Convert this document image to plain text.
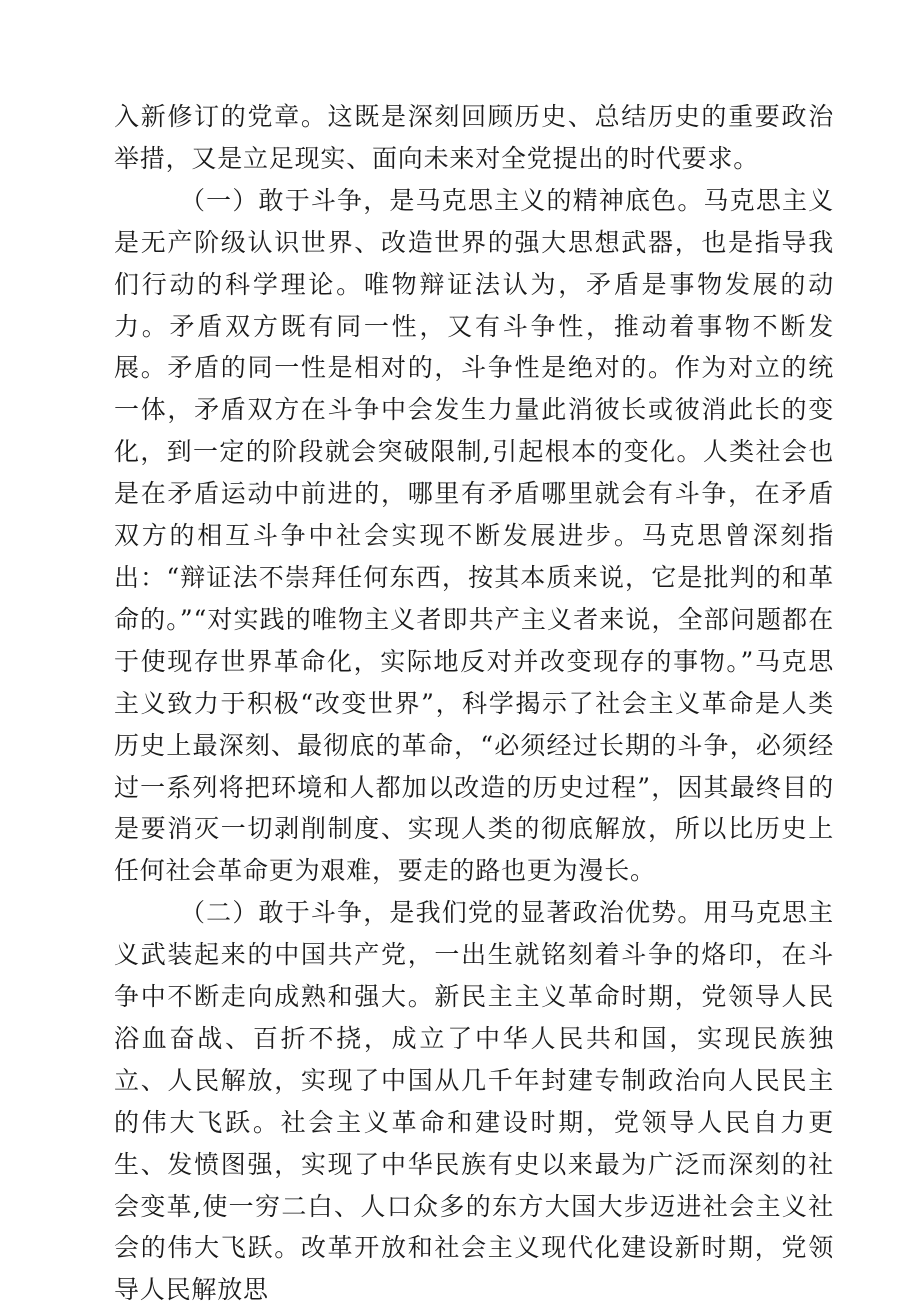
入新修订的党章。这既是深刻回顾历史、总结历史的重要政治举措，又是立足现实、面向未来对全党提出的时代要求。

（一）敢于斗争，是马克思主义的精神底色。马克思主义是无产阶级认识世界、改造世界的强大思想武器，也是指导我们行动的科学理论。唯物辩证法认为，矛盾是事物发展的动力。矛盾双方既有同一性，又有斗争性，推动着事物不断发展。矛盾的同一性是相对的，斗争性是绝对的。作为对立的统一体，矛盾双方在斗争中会发生力量此消彼长或彼消此长的变化，到一定的阶段就会突破限制,引起根本的变化。人类社会也是在矛盾运动中前进的，哪里有矛盾哪里就会有斗争，在矛盾双方的相互斗争中社会实现不断发展进步。马克思曾深刻指出：“辩证法不崇拜任何东西，按其本质来说，它是批判的和革命的。”“对实践的唯物主义者即共产主义者来说，全部问题都在于使现存世界革命化，实际地反对并改变现存的事物。”马克思主义致力于积极“改变世界”，科学揭示了社会主义革命是人类历史上最深刻、最彻底的革命，“必须经过长期的斗争，必须经过一系列将把环境和人都加以改造的历史过程”，因其最终目的是要消灭一切剥削制度、实现人类的彻底解放，所以比历史上任何社会革命更为艰难，要走的路也更为漫长。

（二）敢于斗争，是我们党的显著政治优势。用马克思主义武装起来的中国共产党，一出生就铭刻着斗争的烙印，在斗争中不断走向成熟和强大。新民主主义革命时期，党领导人民浴血奋战、百折不挠，成立了中华人民共和国，实现民族独立、人民解放，实现了中国从几千年封建专制政治向人民民主的伟大飞跃。社会主义革命和建设时期，党领导人民自力更生、发愤图强，实现了中华民族有史以来最为广泛而深刻的社会变革,使一穷二白、人口众多的东方大国大步迈进社会主义社会的伟大飞跃。改革开放和社会主义现代化建设新时期，党领导人民解放思
